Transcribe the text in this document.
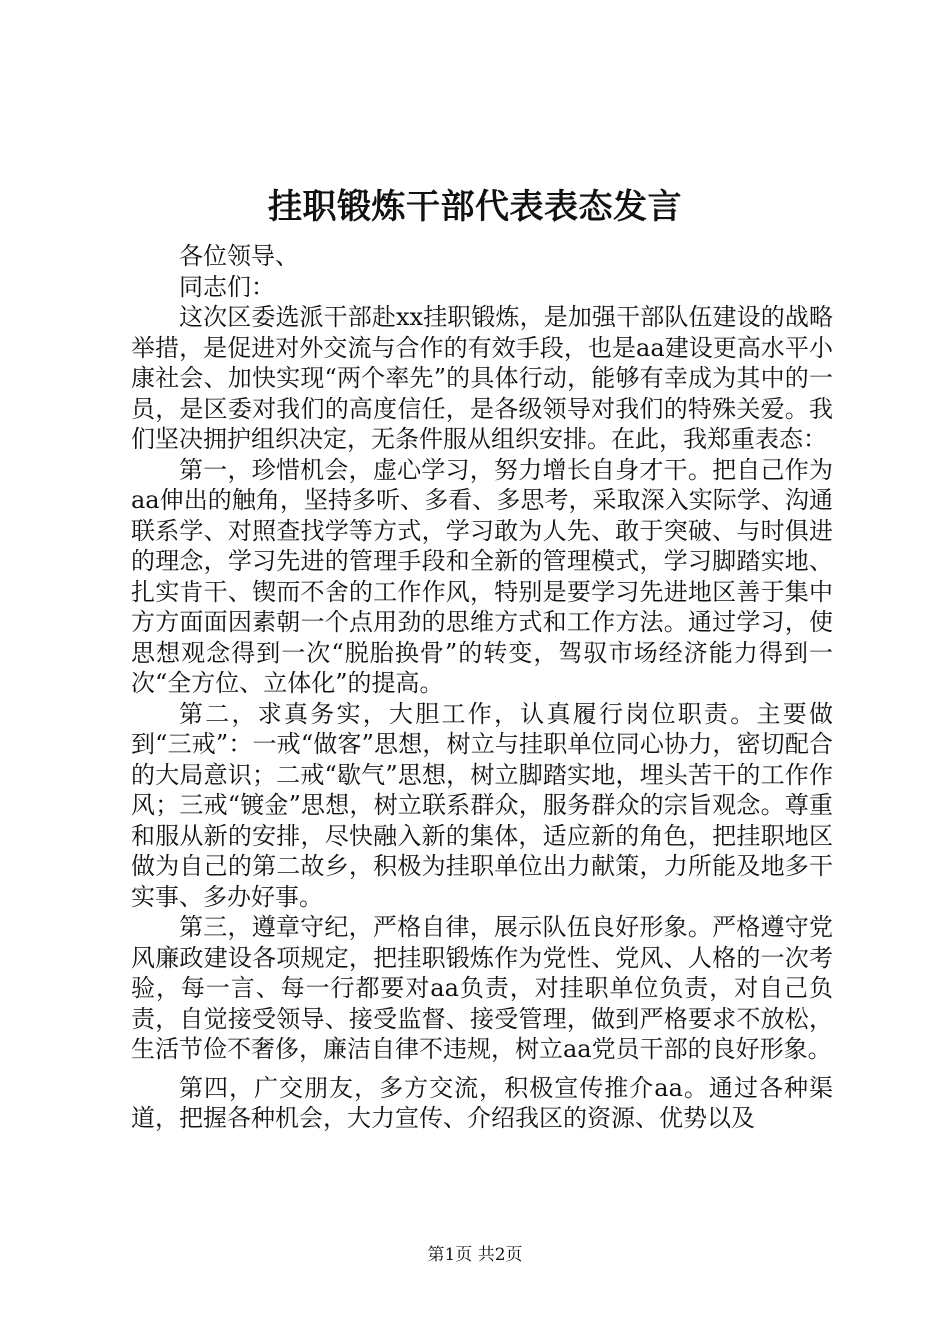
挂职锻炼干部代表表态发言

各位领导、

同志们：

这次区委选派干部赴xx挂职锻炼，是加强干部队伍建设的战略举措，是促进对外交流与合作的有效手段，也是aa建设更高水平小康社会、加快实现“两个率先”的具体行动，能够有幸成为其中的一员，是区委对我们的高度信任，是各级领导对我们的特殊关爱。我们坚决拥护组织决定，无条件服从组织安排。在此，我郑重表态：

第一，珍惜机会，虚心学习，努力增长自身才干。把自己作为aa伸出的触角，坚持多听、多看、多思考，采取深入实际学、沟通联系学、对照查找学等方式，学习敢为人先、敢于突破、与时俱进的理念，学习先进的管理手段和全新的管理模式，学习脚踏实地、扎实肯干、锲而不舍的工作作风，特别是要学习先进地区善于集中方方面面因素朝一个点用劲的思维方式和工作方法。通过学习，使思想观念得到一次“脱胎换骨”的转变，驾驭市场经济能力得到一次“全方位、立体化”的提高。

第二，求真务实，大胆工作，认真履行岗位职责。主要做到“三戒”：一戒“做客”思想，树立与挂职单位同心协力，密切配合的大局意识；二戒“歇气”思想，树立脚踏实地，埋头苦干的工作作风；三戒“镀金”思想，树立联系群众，服务群众的宗旨观念。尊重和服从新的安排，尽快融入新的集体，适应新的角色，把挂职地区做为自己的第二故乡，积极为挂职单位出力献策，力所能及地多干实事、多办好事。

第三，遵章守纪，严格自律，展示队伍良好形象。严格遵守党风廉政建设各项规定，把挂职锻炼作为党性、党风、人格的一次考验，每一言、每一行都要对aa负责，对挂职单位负责，对自己负责，自觉接受领导、接受监督、接受管理，做到严格要求不放松，生活节俭不奢侈，廉洁自律不违规，树立aa党员干部的良好形象。

第四，广交朋友，多方交流，积极宣传推介aa。通过各种渠道，把握各种机会，大力宣传、介绍我区的资源、优势以及

第1页 共2页
